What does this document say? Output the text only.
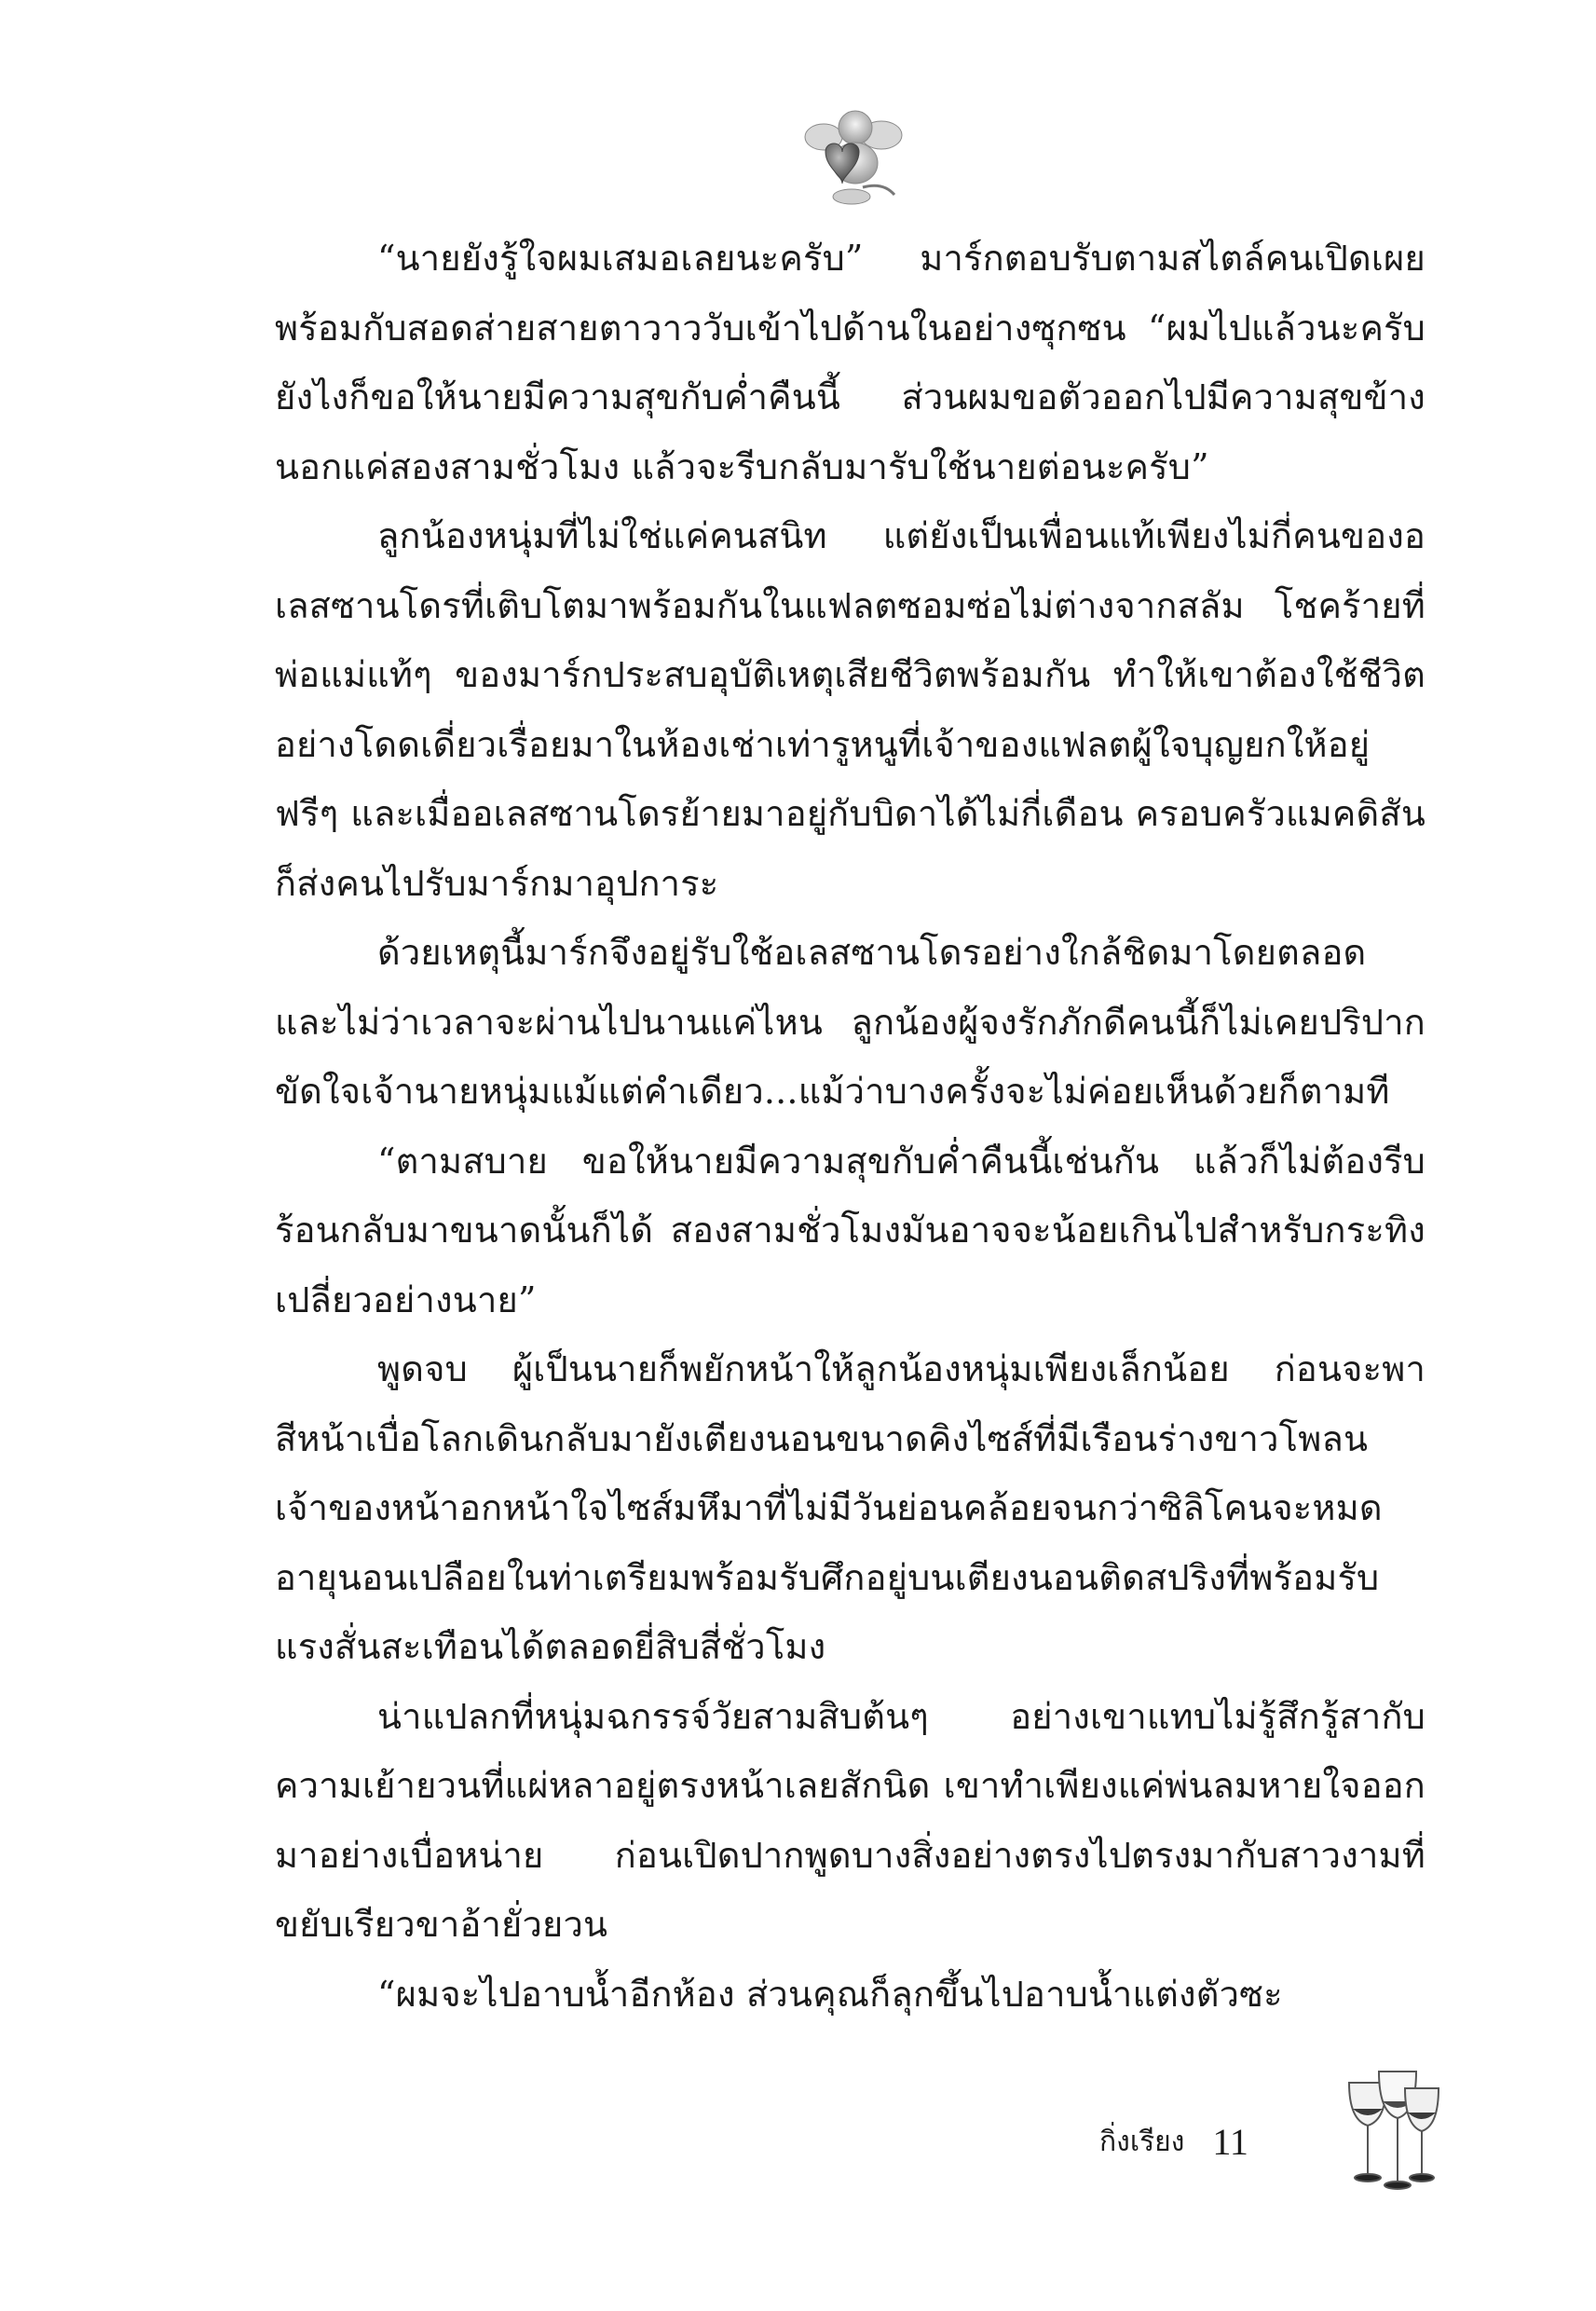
“นายยังรู้ใจผมเสมอเลยนะครับ” มาร์กตอบรับตามสไตล์คนเปิดเผย พร้อมกับสอดส่ายสายตาวาววับเข้าไปด้านในอย่างซุกซน “ผมไปแล้วนะครับ ยังไงก็ขอให้นายมีความสุขกับค่ำคืนนี้ ส่วนผมขอตัวออกไปมีความสุขข้างนอกแค่สองสามชั่วโมง แล้วจะรีบกลับมารับใช้นายต่อนะครับ”

ลูกน้องหนุ่มที่ไม่ใช่แค่คนสนิท แต่ยังเป็นเพื่อนแท้เพียงไม่กี่คนของอเลสซานโดรที่เติบโตมาพร้อมกันในแฟลตซอมซ่อไม่ต่างจากสลัม โชคร้ายที่พ่อแม่แท้ๆ ของมาร์กประสบอุบัติเหตุเสียชีวิตพร้อมกัน ทำให้เขาต้องใช้ชีวิตอย่างโดดเดี่ยวเรื่อยมาในห้องเช่าเท่ารูหนูที่เจ้าของแฟลตผู้ใจบุญยกให้อยู่ฟรีๆ และเมื่ออเลสซานโดรย้ายมาอยู่กับบิดาได้ไม่กี่เดือน ครอบครัวแมคดิสันก็ส่งคนไปรับมาร์กมาอุปการะ

ด้วยเหตุนี้มาร์กจึงอยู่รับใช้อเลสซานโดรอย่างใกล้ชิดมาโดยตลอด และไม่ว่าเวลาจะผ่านไปนานแค่ไหน ลูกน้องผู้จงรักภักดีคนนี้ก็ไม่เคยปริปากขัดใจเจ้านายหนุ่มแม้แต่คำเดียว...แม้ว่าบางครั้งจะไม่ค่อยเห็นด้วยก็ตามที

“ตามสบาย ขอให้นายมีความสุขกับค่ำคืนนี้เช่นกัน แล้วก็ไม่ต้องรีบร้อนกลับมาขนาดนั้นก็ได้ สองสามชั่วโมงมันอาจจะน้อยเกินไปสำหรับกระทิงเปลี่ยวอย่างนาย”

พูดจบ ผู้เป็นนายก็พยักหน้าให้ลูกน้องหนุ่มเพียงเล็กน้อย ก่อนจะพาสีหน้าเบื่อโลกเดินกลับมายังเตียงนอนขนาดคิงไซส์ที่มีเรือนร่างขาวโพลนเจ้าของหน้าอกหน้าใจไซส์มหึมาที่ไม่มีวันย่อนคล้อยจนกว่าซิลิโคนจะหมดอายุนอนเปลือยในท่าเตรียมพร้อมรับศึกอยู่บนเตียงนอนติดสปริงที่พร้อมรับแรงสั่นสะเทือนได้ตลอดยี่สิบสี่ชั่วโมง

น่าแปลกที่หนุ่มฉกรรจ์วัยสามสิบต้นๆ อย่างเขาแทบไม่รู้สึกรู้สากับความเย้ายวนที่แผ่หลาอยู่ตรงหน้าเลยสักนิด เขาทำเพียงแค่พ่นลมหายใจออกมาอย่างเบื่อหน่าย ก่อนเปิดปากพูดบางสิ่งอย่างตรงไปตรงมากับสาวงามที่ขยับเรียวขาอ้ายั่วยวน

“ผมจะไปอาบน้ำอีกห้อง ส่วนคุณก็ลุกขึ้นไปอาบน้ำแต่งตัวซะ

กิ่งเรียง 11
